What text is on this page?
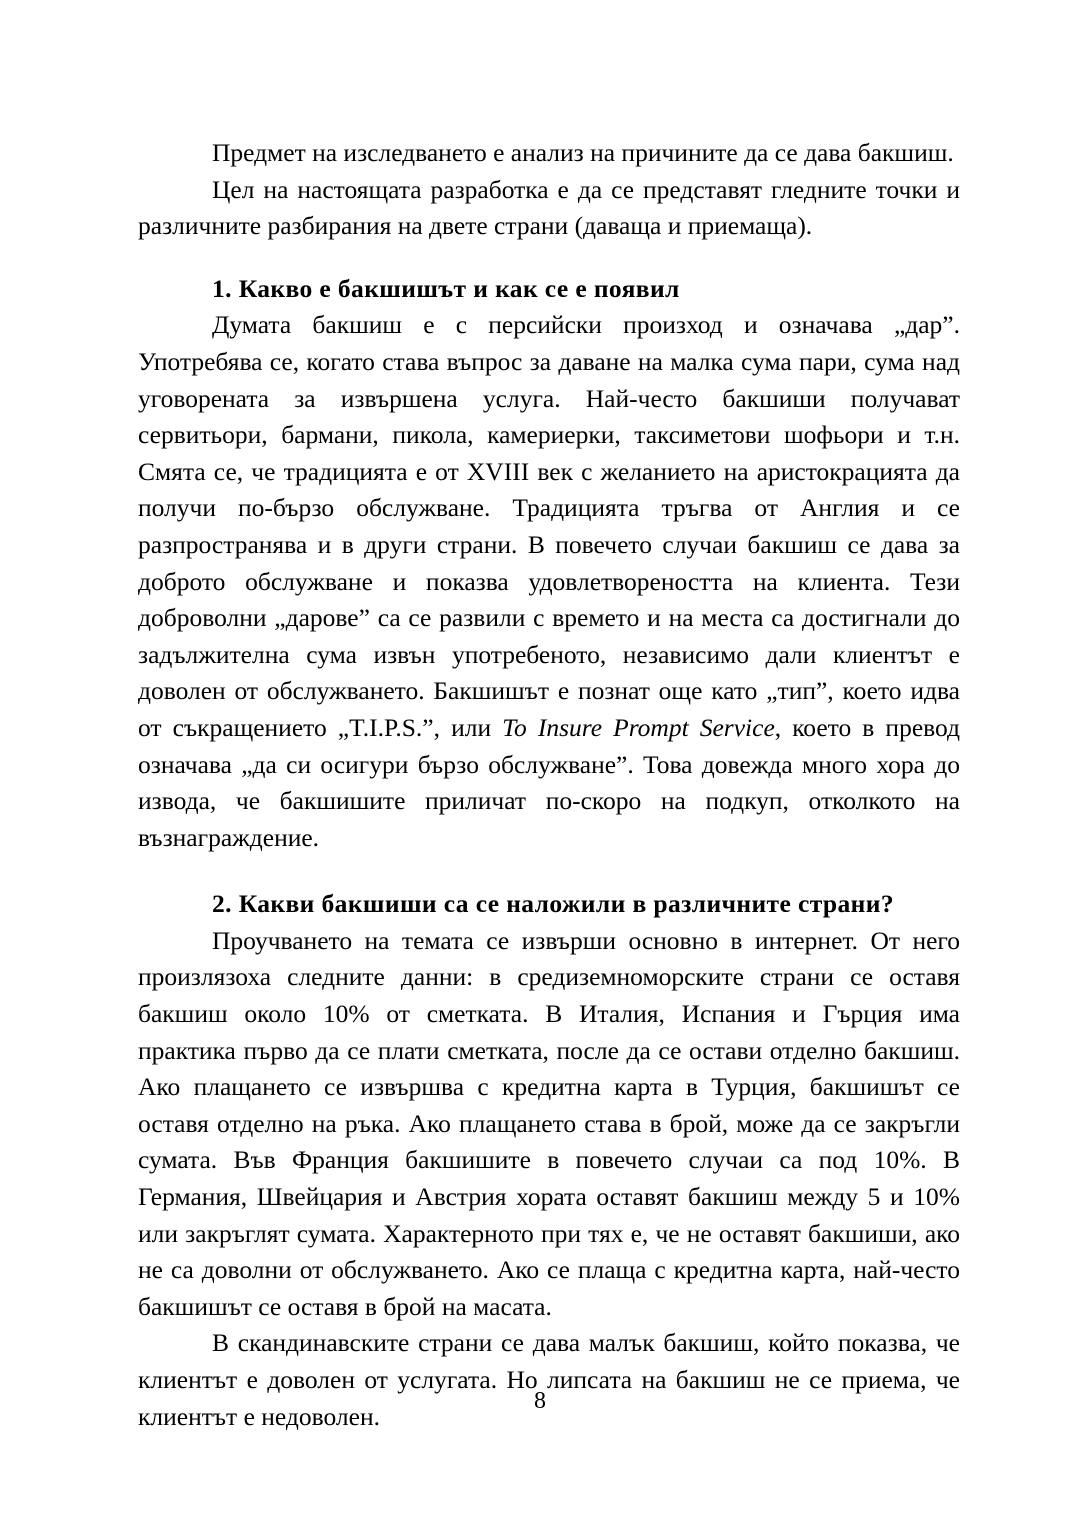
Предмет на изследването е анализ на причините да се дава бакшиш.

Цел на настоящата разработка е да се представят гледните точки и различните разбирания на двете страни (даваща и приемаща).

1. Какво е бакшишът и как се е появил

Думата бакшиш е с персийски произход и означава „дар”. Употребява се, когато става въпрос за даване на малка сума пари, сума над уговорената за извършена услуга. Най-често бакшиши получават сервитьори, бармани, пикола, камериерки, таксиметови шофьори и т.н. Смята се, че традицията е от XVIII век с желанието на аристокрацията да получи по-бързо обслужване. Традицията тръгва от Англия и се разпространява и в други страни. В повечето случаи бакшиш се дава за доброто обслужване и показва удовлетвореността на клиента. Тези доброволни „дарове” са се развили с времето и на места са достигнали до задължителна сума извън употребеното, независимо дали клиентът е доволен от обслужването. Бакшишът е познат още като „тип”, което идва от съкращението „T.I.P.S.”, или To Insure Prompt Service, което в превод означава „да си осигури бързо обслужване”. Това довежда много хора до извода, че бакшишите приличат по-скоро на подкуп, отколкото на възнаграждение.

2. Какви бакшиши са се наложили в различните страни?

Проучването на темата се извърши основно в интернет. От него произлязоха следните данни: в средиземноморските страни се оставя бакшиш около 10% от сметката. В Италия, Испания и Гърция има практика първо да се плати сметката, после да се остави отделно бакшиш. Ако плащането се извършва с кредитна карта в Турция, бакшишът се оставя отделно на ръка. Ако плащането става в брой, може да се закръгли сумата. Във Франция бакшишите в повечето случаи са под 10%. В Германия, Швейцария и Австрия хората оставят бакшиш между 5 и 10% или закръглят сумата. Характерното при тях е, че не оставят бакшиши, ако не са доволни от обслужването. Ако се плаща с кредитна карта, най-често бакшишът се оставя в брой на масата.

В скандинавските страни се дава малък бакшиш, който показва, че клиентът е доволен от услугата. Но липсата на бакшиш не се приема, че клиентът е недоволен.

8
